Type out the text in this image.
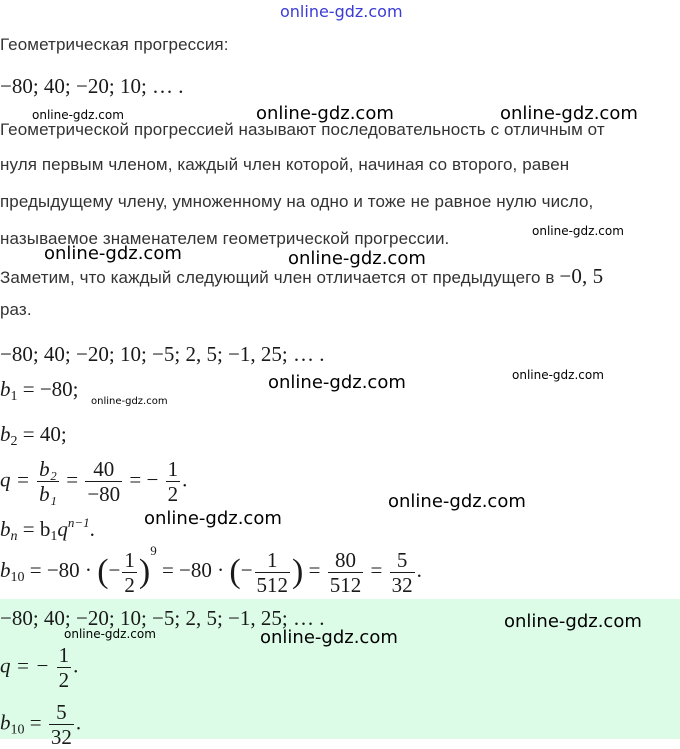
online-gdz.com
Геометрическая прогрессия:
−80; 40; −20; 10; … .
Геометрической прогрессией называют последовательность с отличным от
нуля первым членом, каждый член которой, начиная со второго, равен
предыдущему члену, умноженному на одно и тоже не равное нулю число,
называемое знаменателем геометрической прогрессии.
Заметим, что каждый следующий член отличается от предыдущего в −0, 5
раз.
−80; 40; −20; 10; −5; 2, 5; −1, 25; … .
$b_1 = -80$;
$b_2 = 40$;
$q = \frac{\text{b₂}}{\text{b₁}} = \frac{40}{-80}$ = − $\frac{1}{2}$ .
$b_n = b_1q^{n-1}$.
$b_{10} = -80$ · (− $\frac{1}{2} )^9 = -80$ · (− $\frac{1}{512}$ ) = $\frac{80}{512} = \frac{5}{32}$ .
−80; 40; −20; 10; −5; 2, 5; −1, 25; … .
q = − $\frac{1}{2}$ .
$b_{10} = \frac{5}{32}$ .
online-gdz.com	online-gdz.com	online-gdz.com
online-gdz.com
online-gdz.com	online-gdz.com
online-gdz.com	online-gdz.com
online-gdz.com
online-gdz.com
online-gdz.com
online-gdz.com	online-gdz.com
online-gdz.com
